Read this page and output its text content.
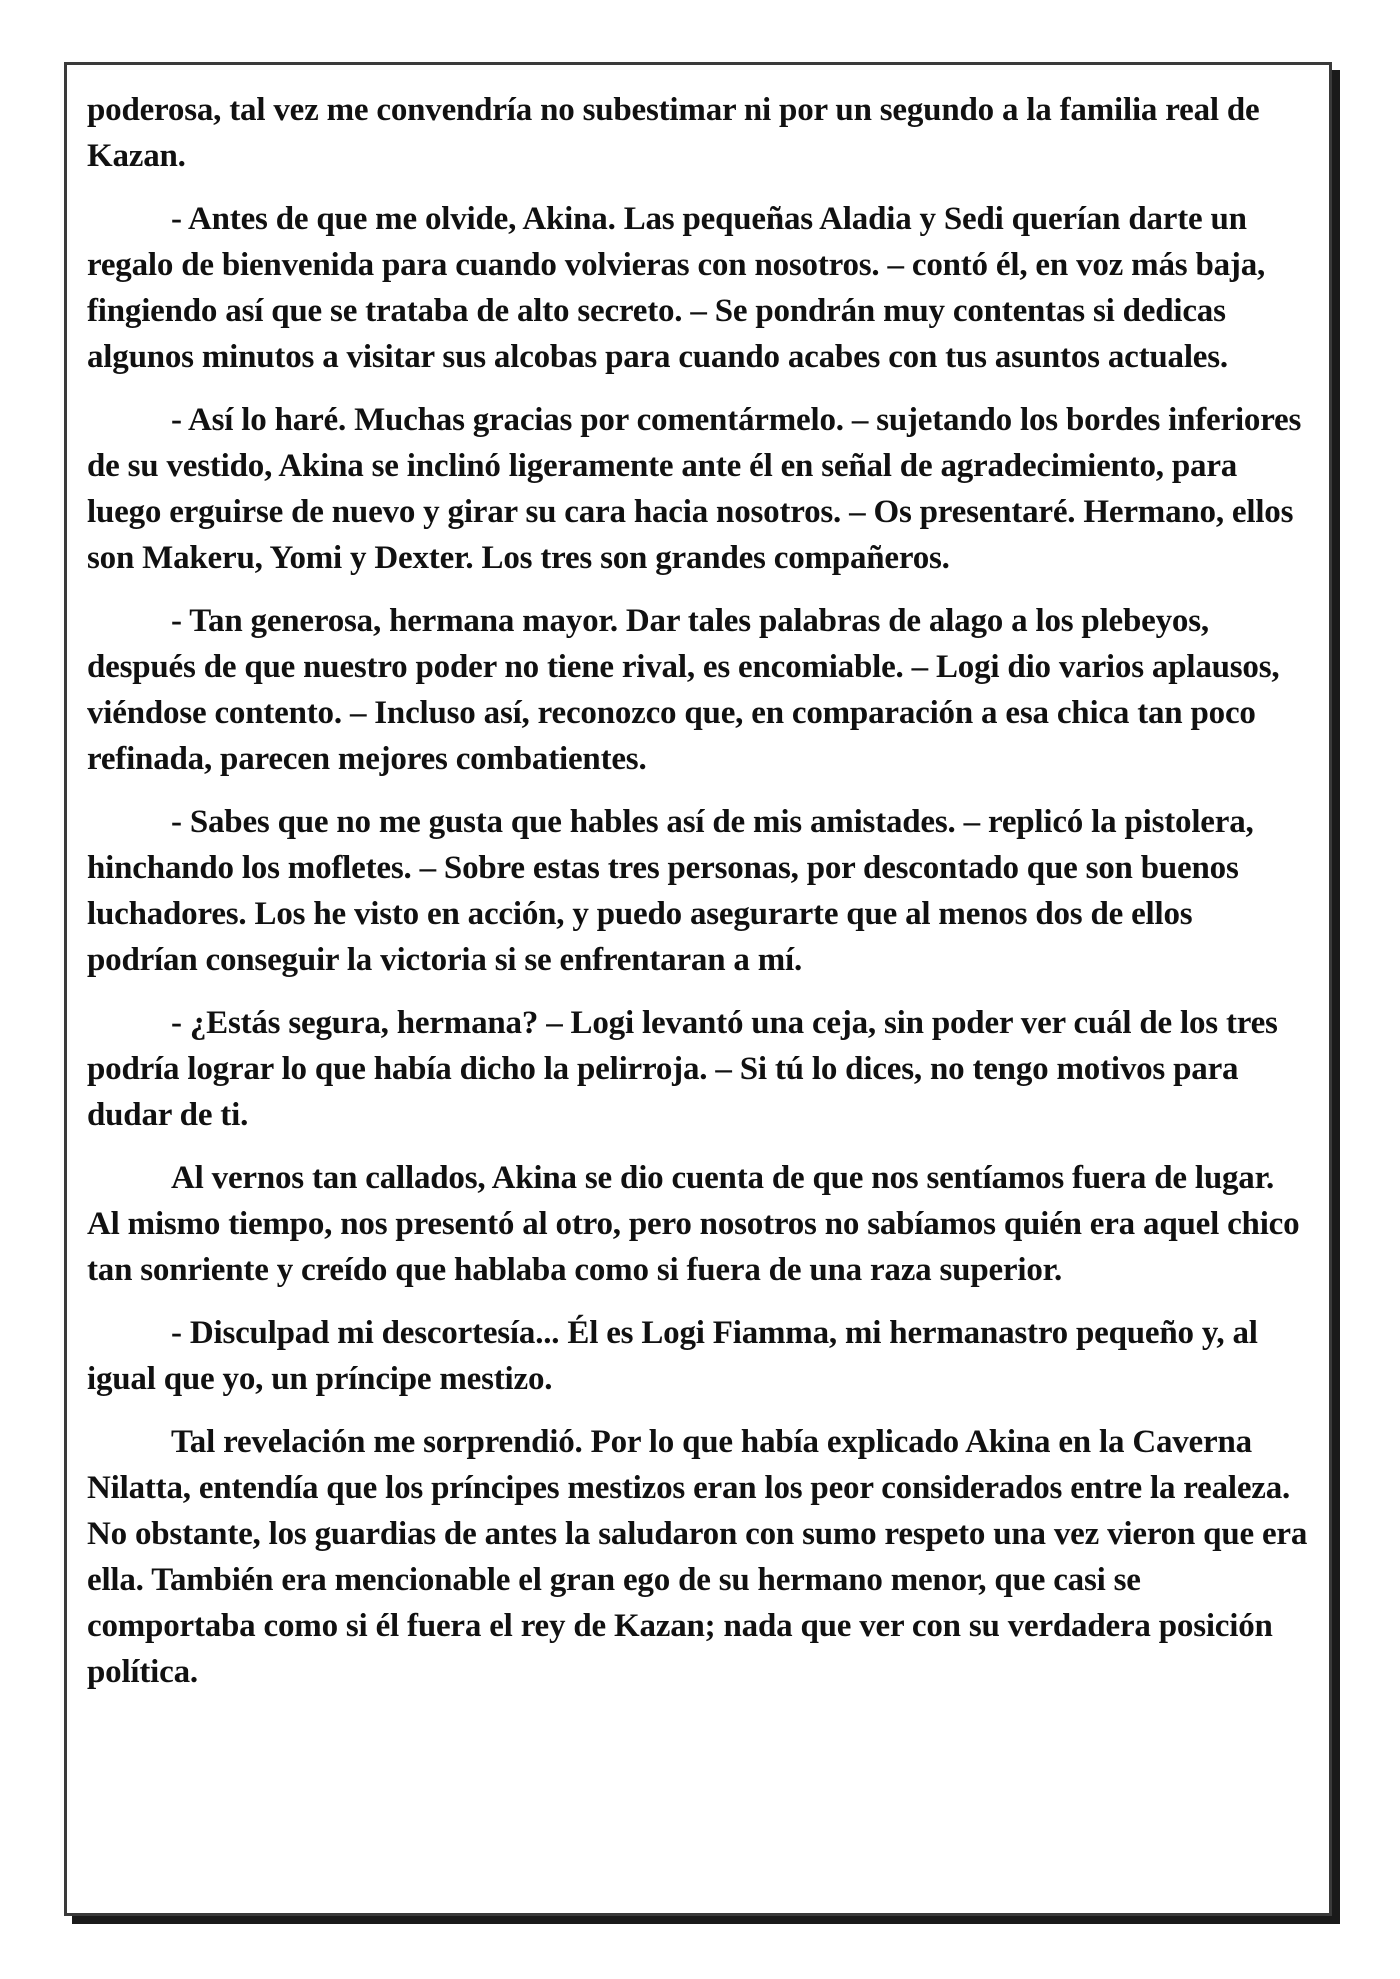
poderosa, tal vez me convendría no subestimar ni por un segundo a la familia real de Kazan.

- Antes de que me olvide, Akina. Las pequeñas Aladia y Sedi querían darte un regalo de bienvenida para cuando volvieras con nosotros. – contó él, en voz más baja, fingiendo así que se trataba de alto secreto. – Se pondrán muy contentas si dedicas algunos minutos a visitar sus alcobas para cuando acabes con tus asuntos actuales.

- Así lo haré. Muchas gracias por comentármelo. – sujetando los bordes inferiores de su vestido, Akina se inclinó ligeramente ante él en señal de agradecimiento, para luego erguirse de nuevo y girar su cara hacia nosotros. – Os presentaré. Hermano, ellos son Makeru, Yomi y Dexter. Los tres son grandes compañeros.

- Tan generosa, hermana mayor. Dar tales palabras de alago a los plebeyos, después de que nuestro poder no tiene rival, es encomiable. – Logi dio varios aplausos, viéndose contento. – Incluso así, reconozco que, en comparación a esa chica tan poco refinada, parecen mejores combatientes.

- Sabes que no me gusta que hables así de mis amistades. – replicó la pistolera, hinchando los mofletes. – Sobre estas tres personas, por descontado que son buenos luchadores. Los he visto en acción, y puedo asegurarte que al menos dos de ellos podrían conseguir la victoria si se enfrentaran a mí.

- ¿Estás segura, hermana? – Logi levantó una ceja, sin poder ver cuál de los tres podría lograr lo que había dicho la pelirroja. – Si tú lo dices, no tengo motivos para dudar de ti.

Al vernos tan callados, Akina se dio cuenta de que nos sentíamos fuera de lugar. Al mismo tiempo, nos presentó al otro, pero nosotros no sabíamos quién era aquel chico tan sonriente y creído que hablaba como si fuera de una raza superior.

- Disculpad mi descortesía... Él es Logi Fiamma, mi hermanastro pequeño y, al igual que yo, un príncipe mestizo.

Tal revelación me sorprendió. Por lo que había explicado Akina en la Caverna Nilatta, entendía que los príncipes mestizos eran los peor considerados entre la realeza. No obstante, los guardias de antes la saludaron con sumo respeto una vez vieron que era ella. También era mencionable el gran ego de su hermano menor, que casi se comportaba como si él fuera el rey de Kazan; nada que ver con su verdadera posición política.
